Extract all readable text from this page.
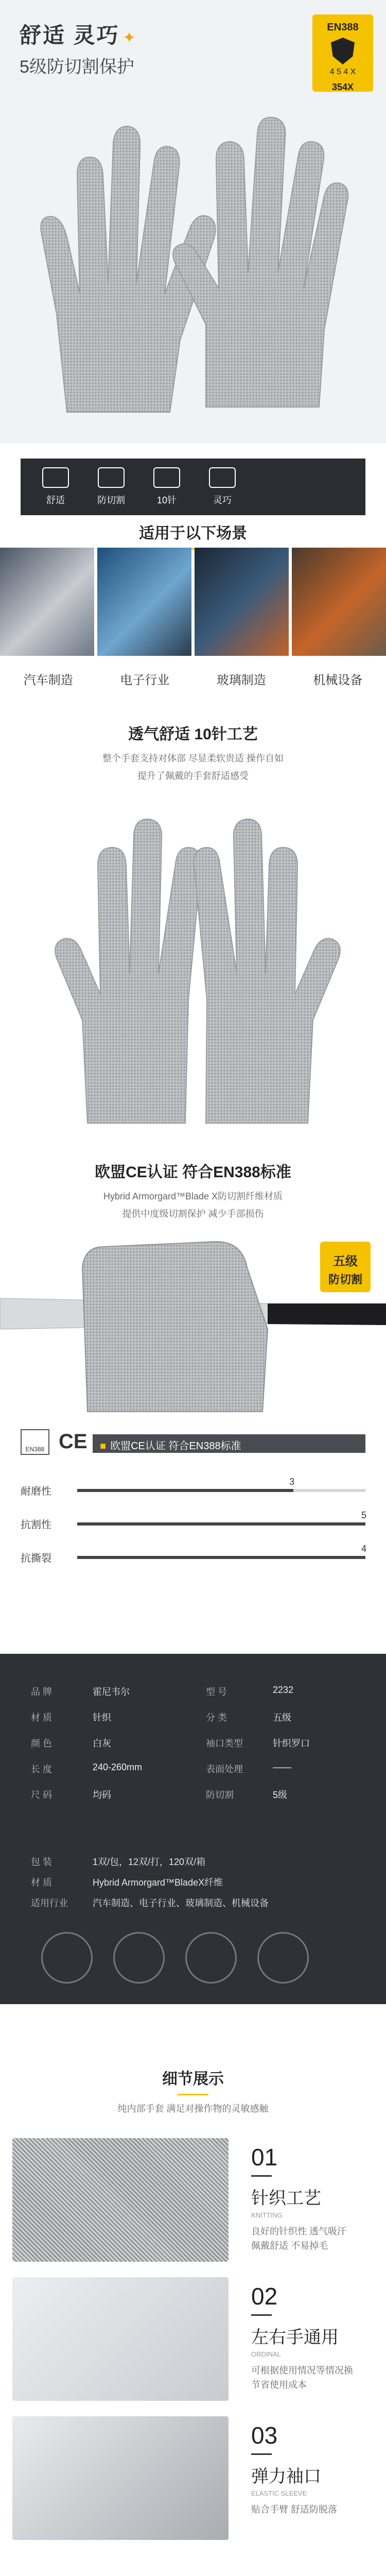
舒适 灵巧 ✦
5级防切割保护
EN388
4 5 4 X
354X
舒适	防切割	10针	灵巧
适用于以下场景
汽车制造	电子行业	玻璃制造	机械设备
透气舒适 10针工艺
整个手套支持对体部 尽显柔软贵适 操作自如
提升了佩戴的手套舒适感受
欧盟CE认证 符合EN388标准
Hybrid Armorgard™Blade X防切割纤维材质
提供中度级切割保护 减少手部损伤
五级
防切割
EN388 CE	■ 欧盟CE认证 符合EN388标准
耐磨性
3
抗割性
5
抗撕裂
4
品 牌	霍尼韦尔	型 号	2232
材 质	针织	分 类	五级
颜 色	白灰	袖口类型	针织罗口
长 度	240-260mm	表面处理	——
尺 码	均码	防切割	5级
包 装	1双/包，12双/打，120双/箱
材 质	Hybrid Armorgard™BladeX纤维
适用行业	汽车制造、电子行业、玻璃制造、机械设备
细节展示
纯内部手套 满足对操作物的灵敏感触
01
针织工艺
KNITTING
良好的针织性 透气吸汗
佩戴舒适 不易掉毛
02
左右手通用
ORDINAL
可根据使用情况等情况换
节省使用成本
03
弹力袖口
ELASTIC SLEEVE
贴合手臂 舒适防脱落
